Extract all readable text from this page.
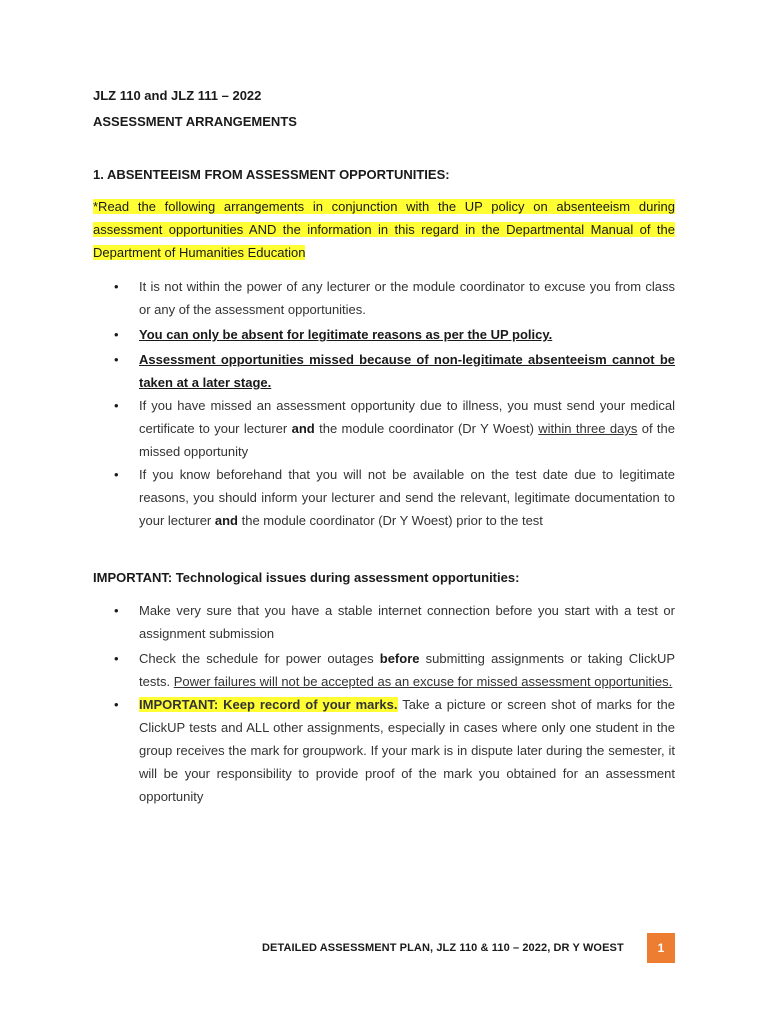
JLZ 110 and JLZ 111 – 2022
ASSESSMENT ARRANGEMENTS
1. ABSENTEEISM FROM ASSESSMENT OPPORTUNITIES:
*Read the following arrangements in conjunction with the UP policy on absenteeism during assessment opportunities AND the information in this regard in the Departmental Manual of the Department of Humanities Education
• It is not within the power of any lecturer or the module coordinator to excuse you from class or any of the assessment opportunities.
• You can only be absent for legitimate reasons as per the UP policy.
• Assessment opportunities missed because of non-legitimate absenteeism cannot be taken at a later stage.
• If you have missed an assessment opportunity due to illness, you must send your medical certificate to your lecturer and the module coordinator (Dr Y Woest) within three days of the missed opportunity
• If you know beforehand that you will not be available on the test date due to legitimate reasons, you should inform your lecturer and send the relevant, legitimate documentation to your lecturer and the module coordinator (Dr Y Woest) prior to the test
IMPORTANT: Technological issues during assessment opportunities:
• Make very sure that you have a stable internet connection before you start with a test or assignment submission
• Check the schedule for power outages before submitting assignments or taking ClickUP tests. Power failures will not be accepted as an excuse for missed assessment opportunities.
• IMPORTANT: Keep record of your marks. Take a picture or screen shot of marks for the ClickUP tests and ALL other assignments, especially in cases where only one student in the group receives the mark for groupwork. If your mark is in dispute later during the semester, it will be your responsibility to provide proof of the mark you obtained for an assessment opportunity
DETAILED ASSESSMENT PLAN, JLZ 110 & 110 – 2022, DR Y WOEST	1
